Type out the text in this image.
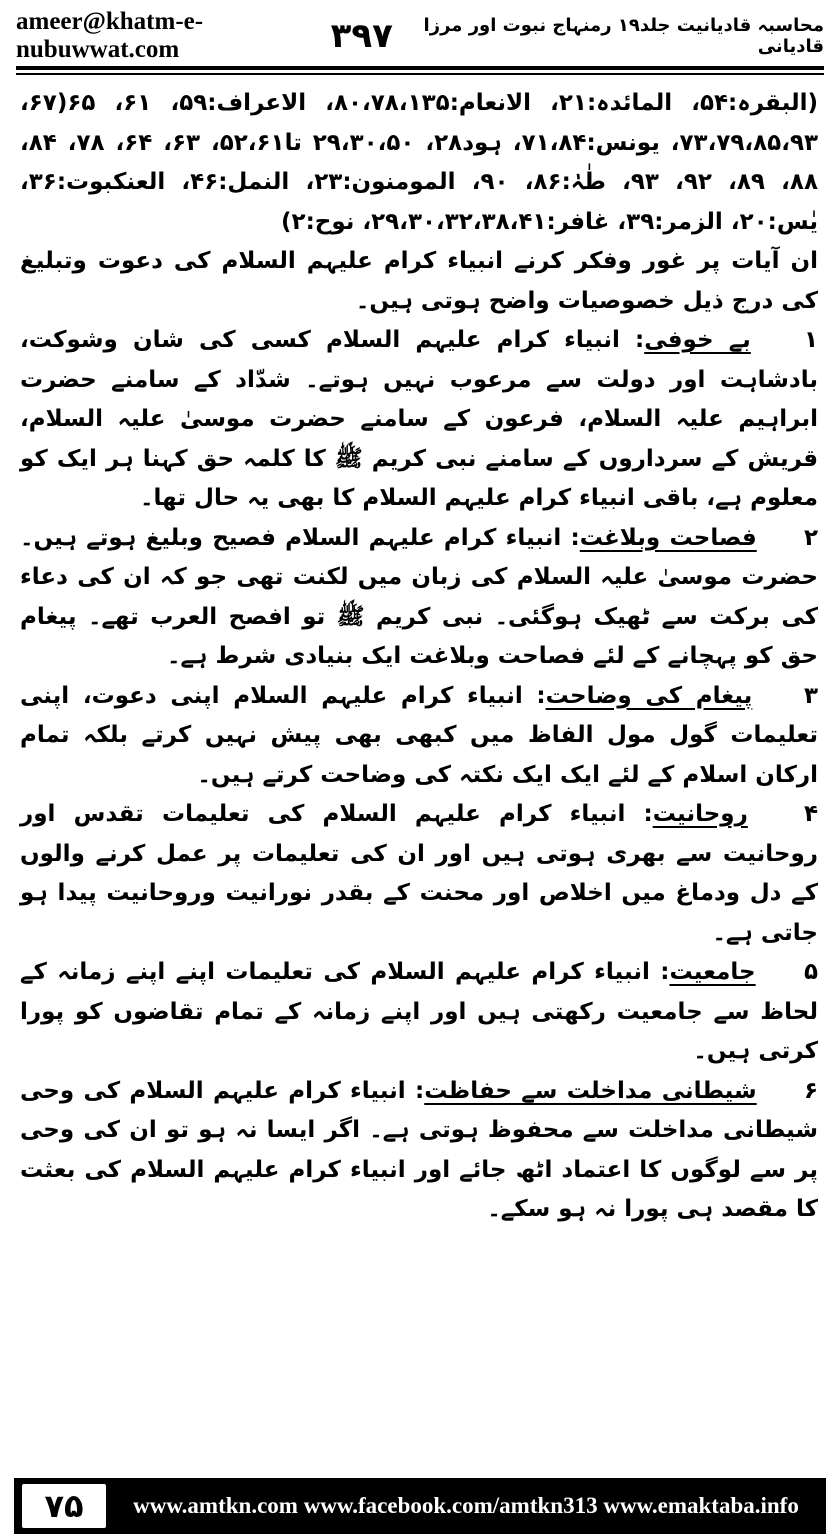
ameer@khatm-e-nubuwwat.com
محاسبہ قادیانیت جلد۱۹ رمنہاج نبوت اور مرزا قادیانی
۳۹۷

(البقرہ:۵۴، المائدہ:۲۱، الانعام:۸۰،۷۸،۱۳۵، الاعراف:۵۹، ۶۱، ۶۵(۶۷، ۷۳،۷۹،۸۵،۹۳، یونس:۷۱،۸۴، ہود۲۸، ۲۹،۳۰،۵۰ تا۵۲،۶۱، ۶۳، ۶۴، ۷۸، ۸۴، ۸۸، ۸۹، ۹۲، ۹۳، طٰہٰ:۸۶، ۹۰، المومنون:۲۳، النمل:۴۶، العنکبوت:۳۶، یٰس:۲۰، الزمر:۳۹، غافر:۲۹،۳۰،۳۲،۳۸،۴۱، نوح:۲)

ان آیات پر غور وفکر کرنے انبیاء کرام علیہم السلام کی دعوت وتبلیغ کی درج ذیل خصوصیات واضح ہوتی ہیں۔

۱ بے خوفی: انبیاء کرام علیہم السلام کسی کی شان وشوکت، بادشاہت اور دولت سے مرعوب نہیں ہوتے۔ شدّاد کے سامنے حضرت ابراہیم علیہ السلام، فرعون کے سامنے حضرت موسیٰ علیہ السلام، قریش کے سرداروں کے سامنے نبی کریم ﷺ کا کلمہ حق کہنا ہر ایک کو معلوم ہے، باقی انبیاء کرام علیہم السلام کا بھی یہ حال تھا۔

۲ فصاحت وبلاغت: انبیاء کرام علیہم السلام فصیح وبلیغ ہوتے ہیں۔ حضرت موسیٰ علیہ السلام کی زبان میں لکنت تھی جو کہ ان کی دعاء کی برکت سے ٹھیک ہوگئی۔ نبی کریم ﷺ تو افصح العرب تھے۔ پیغام حق کو پہچانے کے لئے فصاحت وبلاغت ایک بنیادی شرط ہے۔

۳ پیغام کی وضاحت: انبیاء کرام علیہم السلام اپنی دعوت، اپنی تعلیمات گول مول الفاظ میں کبھی بھی پیش نہیں کرتے بلکہ تمام ارکان اسلام کے لئے ایک ایک نکتہ کی وضاحت کرتے ہیں۔

۴ روحانیت: انبیاء کرام علیہم السلام کی تعلیمات تقدس اور روحانیت سے بھری ہوتی ہیں اور ان کی تعلیمات پر عمل کرنے والوں کے دل ودماغ میں اخلاص اور محنت کے بقدر نورانیت وروحانیت پیدا ہو جاتی ہے۔

۵ جامعیت: انبیاء کرام علیہم السلام کی تعلیمات اپنے اپنے زمانہ کے لحاظ سے جامعیت رکھتی ہیں اور اپنے زمانہ کے تمام تقاضوں کو پورا کرتی ہیں۔

۶ شیطانی مداخلت سے حفاظت: انبیاء کرام علیہم السلام کی وحی شیطانی مداخلت سے محفوظ ہوتی ہے۔ اگر ایسا نہ ہو تو ان کی وحی پر سے لوگوں کا اعتماد اٹھ جائے اور انبیاء کرام علیہم السلام کی بعثت کا مقصد ہی پورا نہ ہو سکے۔

۷۵	www.amtkn.com www.facebook.com/amtkn313 www.emaktaba.info
